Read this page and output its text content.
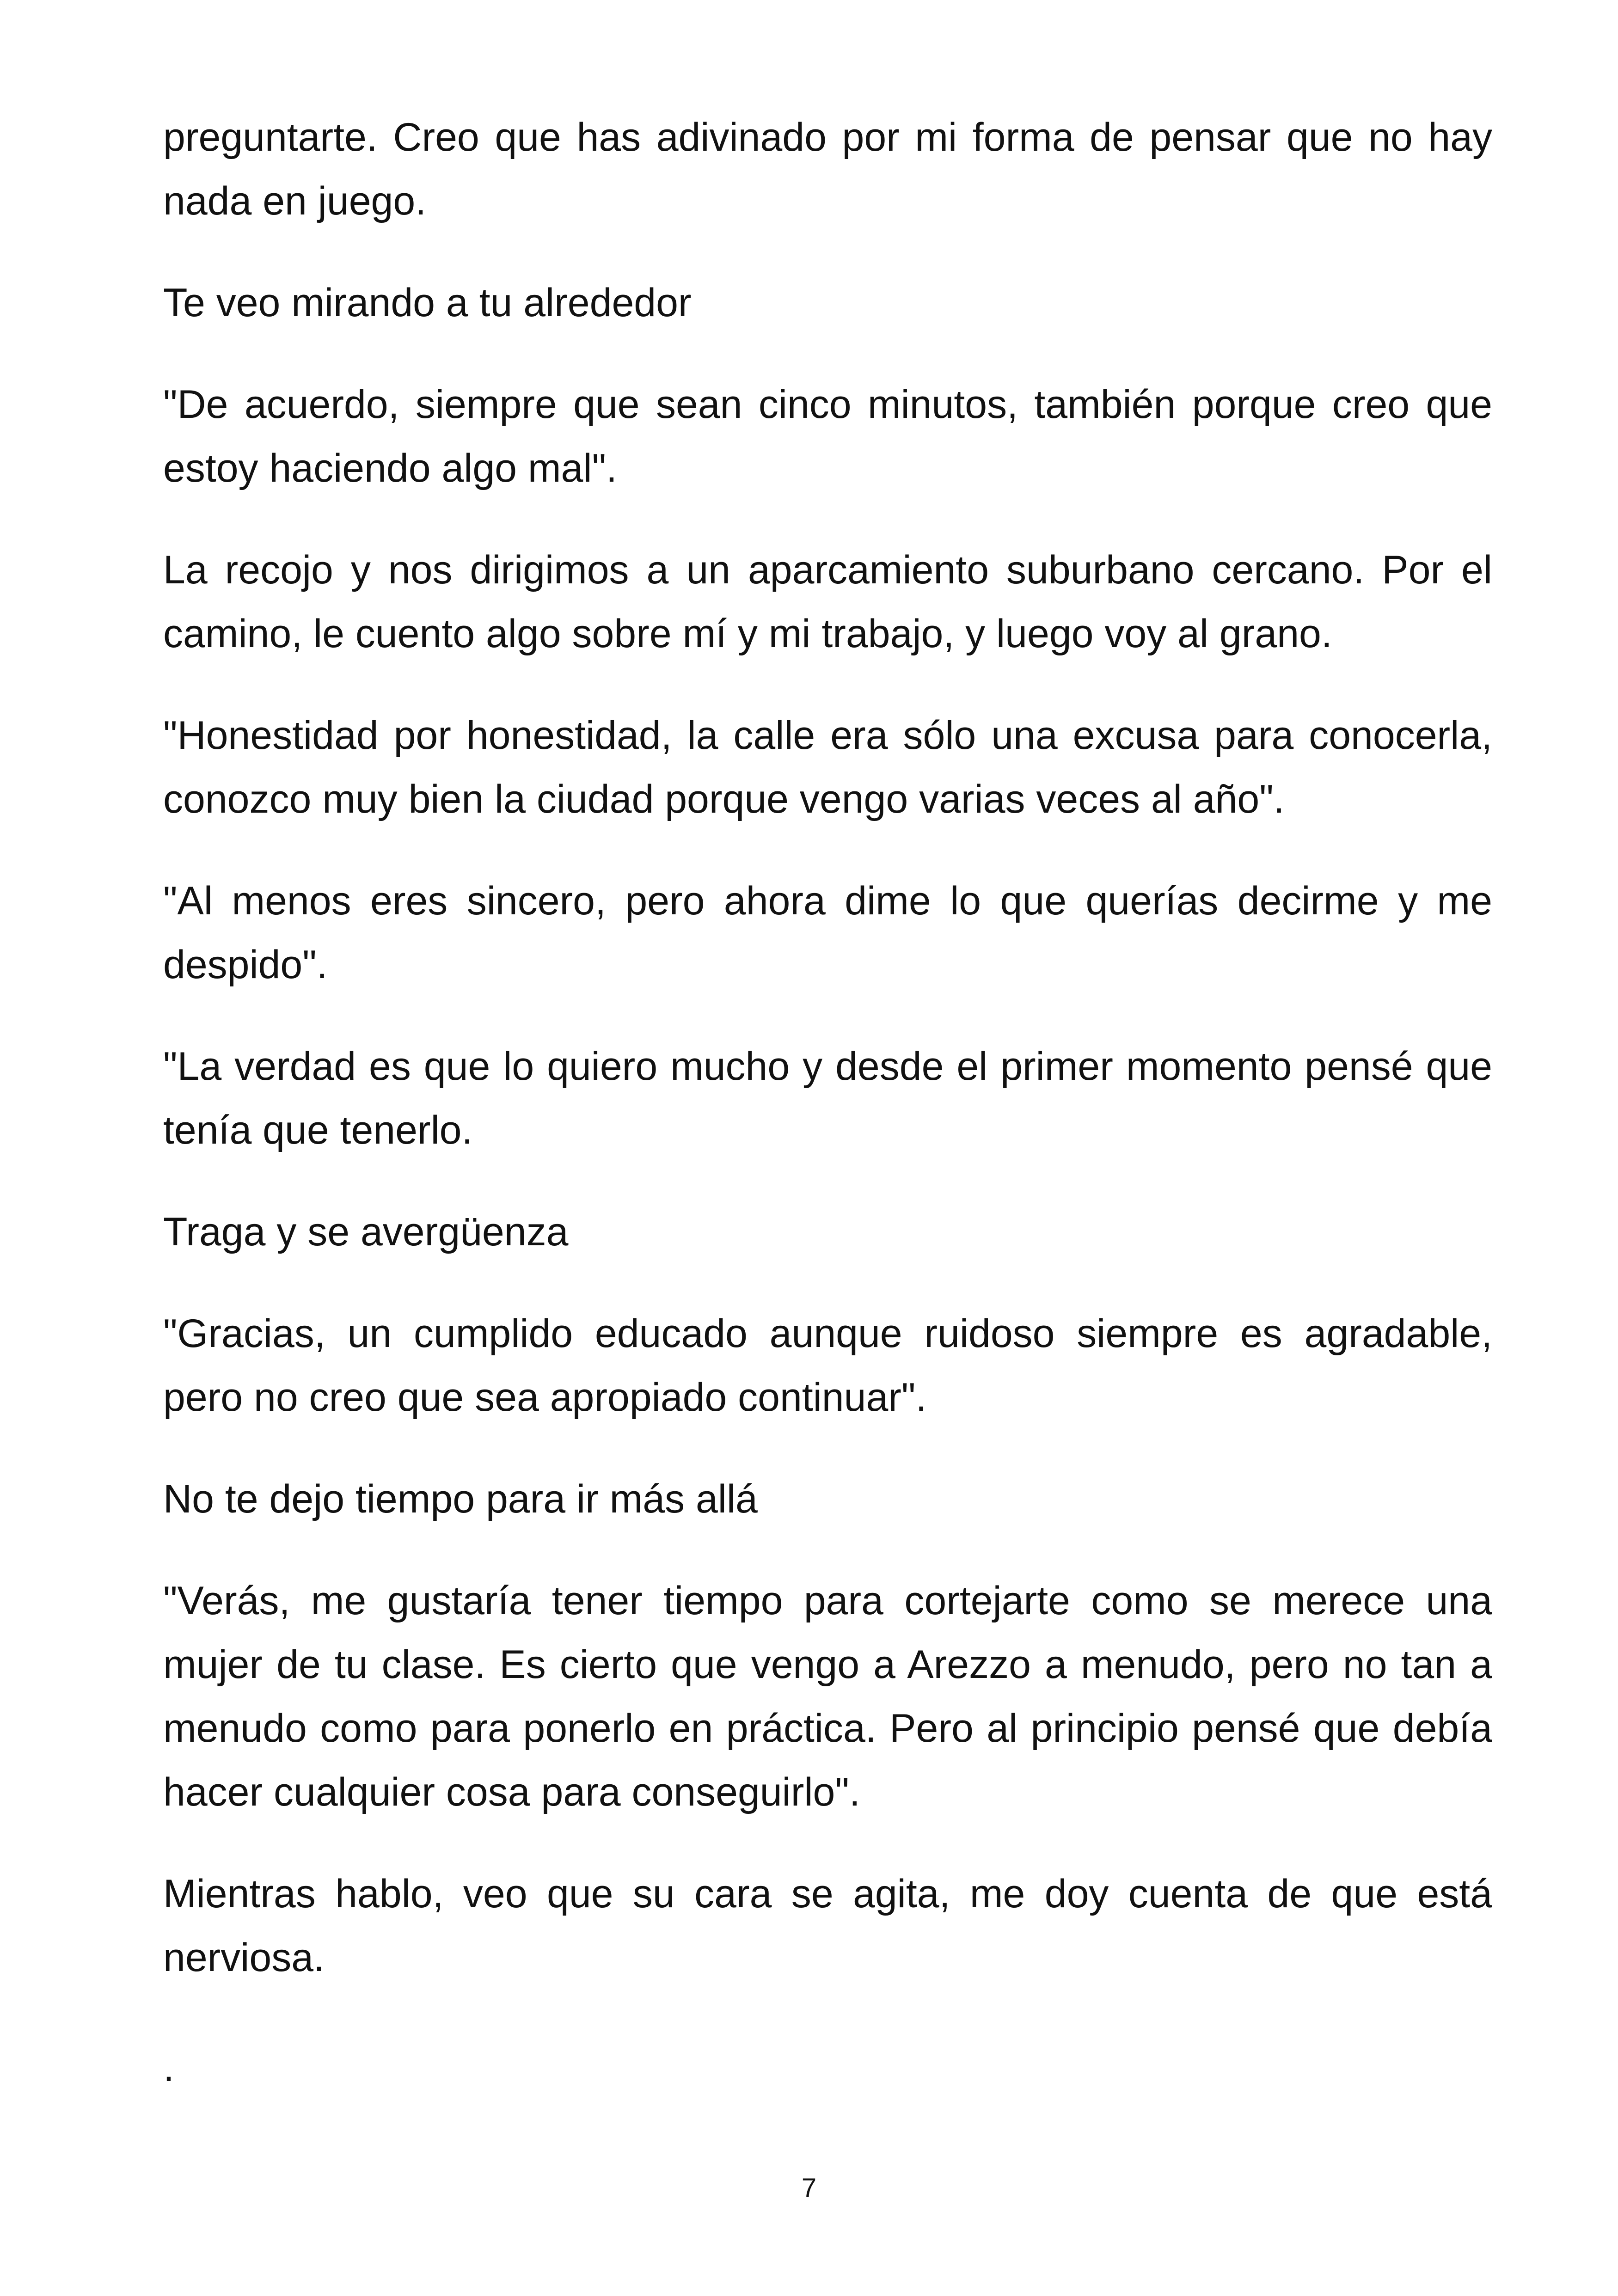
preguntarte. Creo que has adivinado por mi forma de pensar que no hay nada en juego.

Te veo mirando a tu alrededor

"De acuerdo, siempre que sean cinco minutos, también porque creo que estoy haciendo algo mal".

La recojo y nos dirigimos a un aparcamiento suburbano cercano. Por el camino, le cuento algo sobre mí y mi trabajo, y luego voy al grano.

"Honestidad por honestidad, la calle era sólo una excusa para conocerla, conozco muy bien la ciudad porque vengo varias veces al año".

"Al menos eres sincero, pero ahora dime lo que querías decirme y me despido".

"La verdad es que lo quiero mucho y desde el primer momento pensé que tenía que tenerlo.

Traga y se avergüenza

"Gracias, un cumplido educado aunque ruidoso siempre es agradable, pero no creo que sea apropiado continuar".

No te dejo tiempo para ir más allá

"Verás, me gustaría tener tiempo para cortejarte como se merece una mujer de tu clase. Es cierto que vengo a Arezzo a menudo, pero no tan a menudo como para ponerlo en práctica. Pero al principio pensé que debía hacer cualquier cosa para conseguirlo".

Mientras hablo, veo que su cara se agita, me doy cuenta de que está nerviosa.

.

7
